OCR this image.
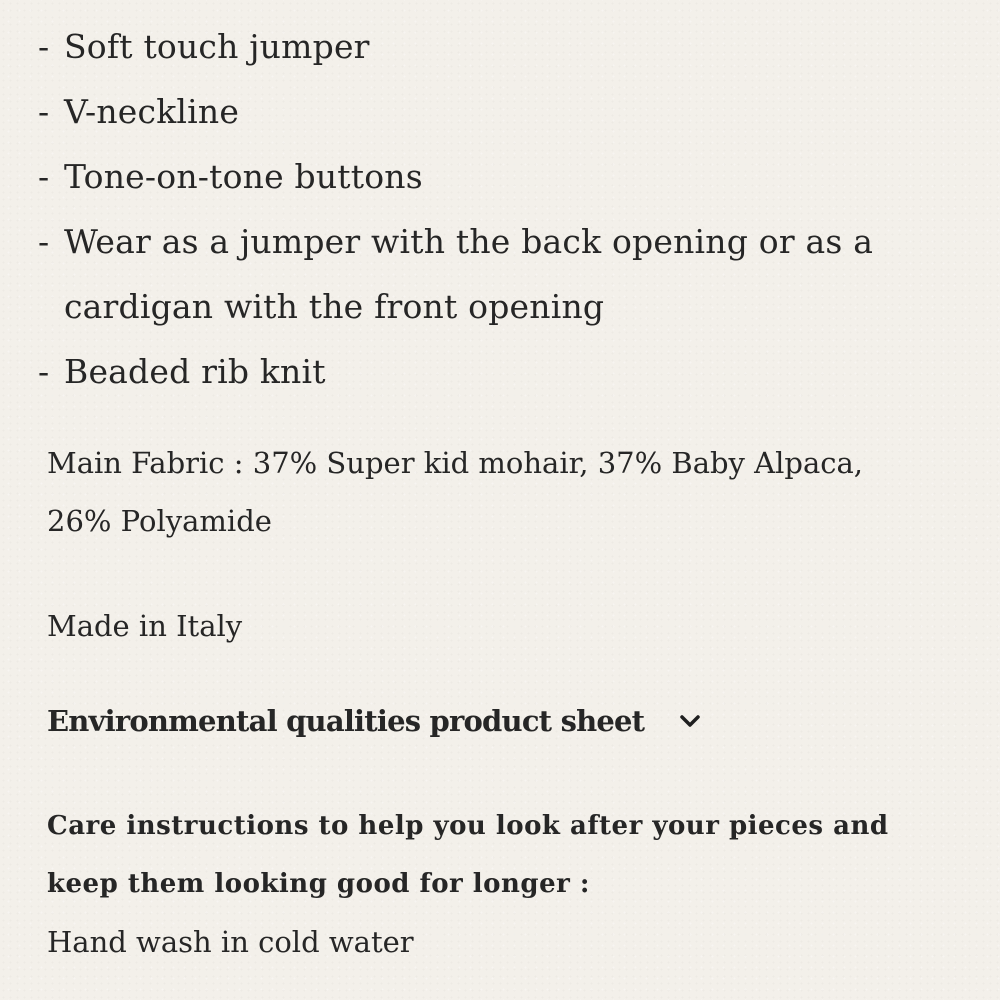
- Soft touch jumper
- V-neckline
- Tone-on-tone buttons
- Wear as a jumper with the back opening or as a cardigan with the front opening
- Beaded rib knit
Main Fabric : 37% Super kid mohair, 37% Baby Alpaca, 26% Polyamide
Made in Italy
Environmental qualities product sheet
Care instructions to help you look after your pieces and keep them looking good for longer :
Hand wash in cold water
